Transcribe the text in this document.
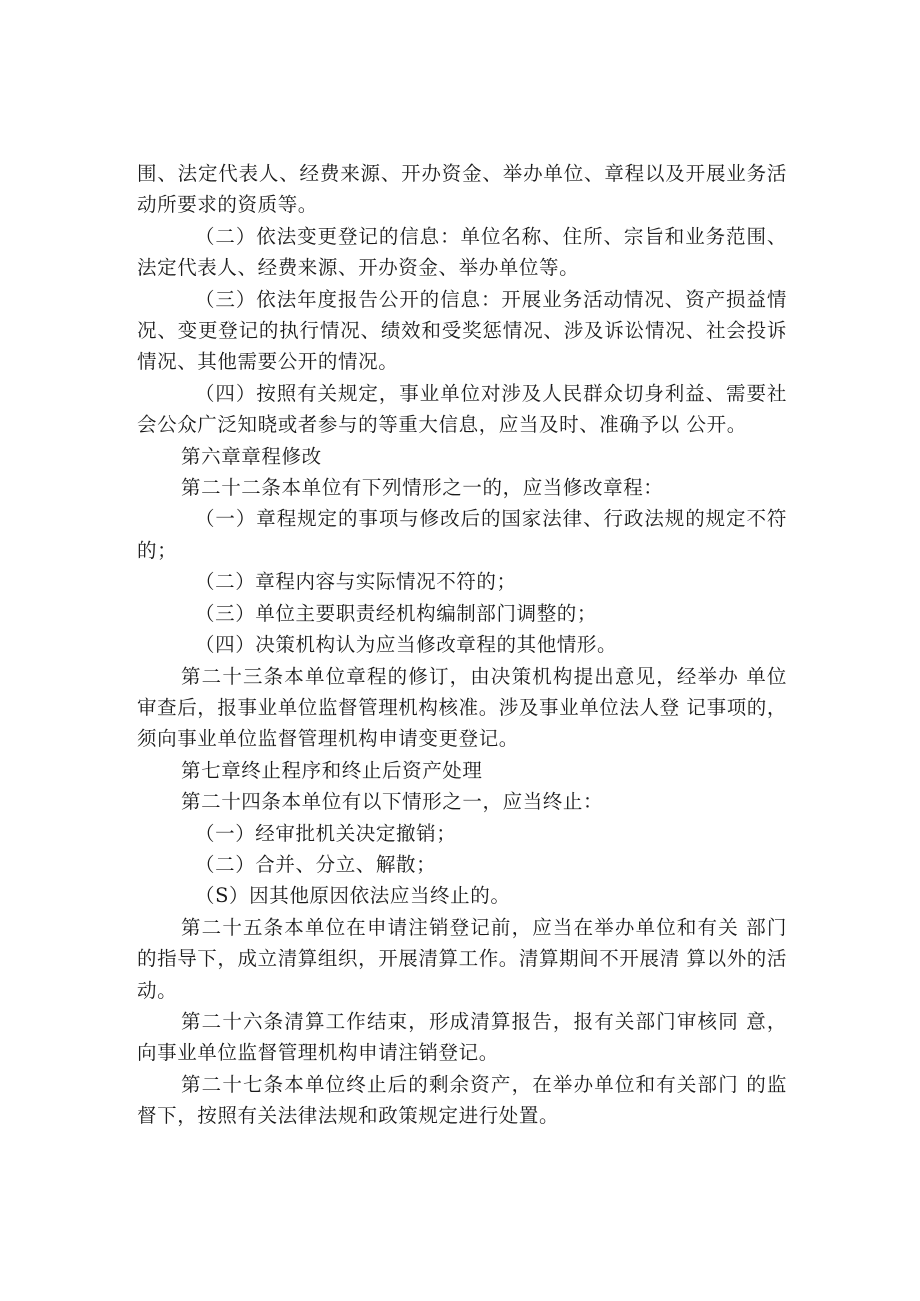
围、法定代表人、经费来源、开办资金、举办单位、章程以及开展业务活动所要求的资质等。

（二）依法变更登记的信息：单位名称、住所、宗旨和业务范围、法定代表人、经费来源、开办资金、举办单位等。

（三）依法年度报告公开的信息：开展业务活动情况、资产损益情况、变更登记的执行情况、绩效和受奖惩情况、涉及诉讼情况、社会投诉情况、其他需要公开的情况。

（四）按照有关规定，事业单位对涉及人民群众切身利益、需要社会公众广泛知晓或者参与的等重大信息，应当及时、准确予以 公开。

第六章章程修改

第二十二条本单位有下列情形之一的，应当修改章程：

（一）章程规定的事项与修改后的国家法律、行政法规的规定不符的；

（二）章程内容与实际情况不符的；

（三）单位主要职责经机构编制部门调整的；

（四）决策机构认为应当修改章程的其他情形。

第二十三条本单位章程的修订，由决策机构提出意见，经举办 单位审查后，报事业单位监督管理机构核准。涉及事业单位法人登 记事项的，须向事业单位监督管理机构申请变更登记。

第七章终止程序和终止后资产处理

第二十四条本单位有以下情形之一，应当终止：

（一）经审批机关决定撤销；

（二）合并、分立、解散；

（S）因其他原因依法应当终止的。

第二十五条本单位在申请注销登记前，应当在举办单位和有关 部门的指导下，成立清算组织，开展清算工作。清算期间不开展清 算以外的活动。

第二十六条清算工作结束，形成清算报告，报有关部门审核同 意，向事业单位监督管理机构申请注销登记。

第二十七条本单位终止后的剩余资产，在举办单位和有关部门 的监督下，按照有关法律法规和政策规定进行处置。
